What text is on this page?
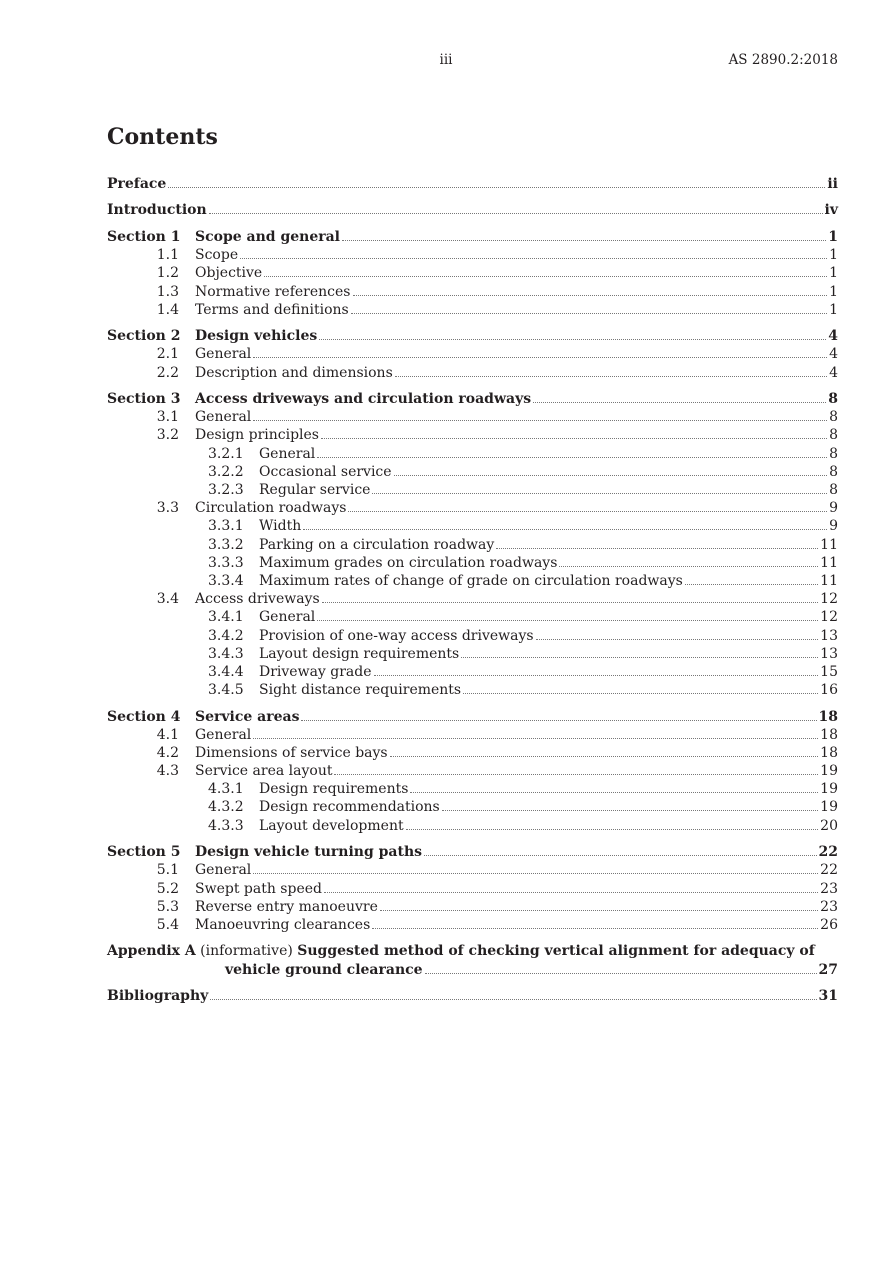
iii	AS 2890.2:2018
Contents
Preface	ii
Introduction	iv
Section 1	Scope and general	1
1.1	Scope	1
1.2	Objective	1
1.3	Normative references	1
1.4	Terms and definitions	1
Section 2	Design vehicles	4
2.1	General	4
2.2	Description and dimensions	4
Section 3	Access driveways and circulation roadways	8
3.1	General	8
3.2	Design principles	8
3.2.1	General	8
3.2.2	Occasional service	8
3.2.3	Regular service	8
3.3	Circulation roadways	9
3.3.1	Width	9
3.3.2	Parking on a circulation roadway	11
3.3.3	Maximum grades on circulation roadways	11
3.3.4	Maximum rates of change of grade on circulation roadways	11
3.4	Access driveways	12
3.4.1	General	12
3.4.2	Provision of one-way access driveways	13
3.4.3	Layout design requirements	13
3.4.4	Driveway grade	15
3.4.5	Sight distance requirements	16
Section 4	Service areas	18
4.1	General	18
4.2	Dimensions of service bays	18
4.3	Service area layout	19
4.3.1	Design requirements	19
4.3.2	Design recommendations	19
4.3.3	Layout development	20
Section 5	Design vehicle turning paths	22
5.1	General	22
5.2	Swept path speed	23
5.3	Reverse entry manoeuvre	23
5.4	Manoeuvring clearances	26
Appendix A (informative) Suggested method of checking vertical alignment for adequacy of
vehicle ground clearance	27
Bibliography	31
